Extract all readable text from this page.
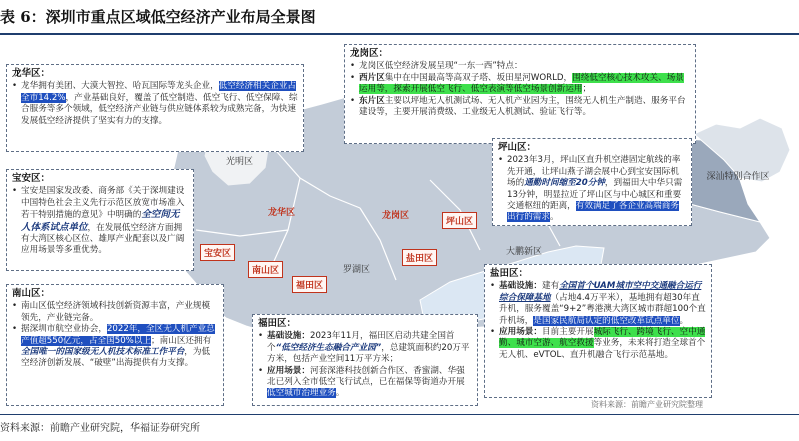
表 6：深圳市重点区域低空经济产业布局全景图
光明区
龙华区
宝安区
南山区
福田区
罗湖区
龙岗区
坪山区
盐田区
大鹏新区
深汕特别合作区
龙华区：

• 龙华拥有美团、大漠大智控、哈瓦国际等龙头企业，低空经济相关企业占全市14.2%，产业基础良好，覆盖了低空制造、低空飞行、低空保障、综合服务等多个领域，低空经济产业链与供应链体系较为成熟完备，为快速发展低空经济提供了坚实有力的支撑。

宝安区：

• 宝安是国家发改委、商务部《关于深圳建设中国特色社会主义先行示范区放宽市场准入若干特别措施的意见》中明确的全空间无人体系试点单位，在发展低空经济方面拥有大湾区核心区位、雄厚产业配套以及广阔应用场景等多重优势。

南山区：

• 南山区低空经济领域科技创新资源丰富，产业规模领先，产业链完备。

• 据深圳市航空业协会，2022年，全区无人机产业总产值超550亿元，占全国50%以上；南山区还拥有全国唯一的国家级无人机技术标准工作平台，为低空经济创新发展、“破壁”出海提供有力支撑。

龙岗区：

• 龙岗区低空经济发展呈现“一东一西”特点：

• 西片区集中在中国最高等高双子塔、坂田星河WORLD，围绕低空核心技术攻关、场景运用等，探索开展低空飞行、低空表演等低空场景创新运用；

• 东片区主要以坪地无人机测试场、无人机产业园为主，围绕无人机生产制造、服务平台建设等，主要开展消费级、工业级无人机测试、验证飞行等。

坪山区：

• 2023年3月，坪山区直升机空港固定航线的率先开通，让坪山燕子湖会展中心到宝安国际机场的通勤时间缩至20分钟，到福田大中华只需13分钟，明显拉近了坪山区与中心城区和重要交通枢纽的距离，有效满足了各企业高端商务出行的需求。

福田区：

• 基础设施：2023年11月，福田区启动共建全国首个“低空经济生态融合产业园”，总建筑面积约20万平方米，包括产业空间11万平方米；

• 应用场景：河套深港科技创新合作区、香蜜湖、华强北已列入全市低空飞行试点，已在福保等街道办开展低空城市治理业务。

盐田区：

• 基础设施：建有全国首个UAM城市空中交通融合运行综合保障基地（占地4.4万平米），基地拥有超30年直升机，服务覆盖“9+2”粤港澳大湾区城市群超100个直升机场，是国家民航局认定的低空改革试点单位。

• 应用场景：目前主要开展城际飞行、跨境飞行、空中通勤、城市空游、航空救援等业务，未来将打造全球首个无人机、eVTOL、直升机融合飞行示范基地。

资料来源：前瞻产业研究院整理
资料来源：前瞻产业研究院，华福证券研究所
